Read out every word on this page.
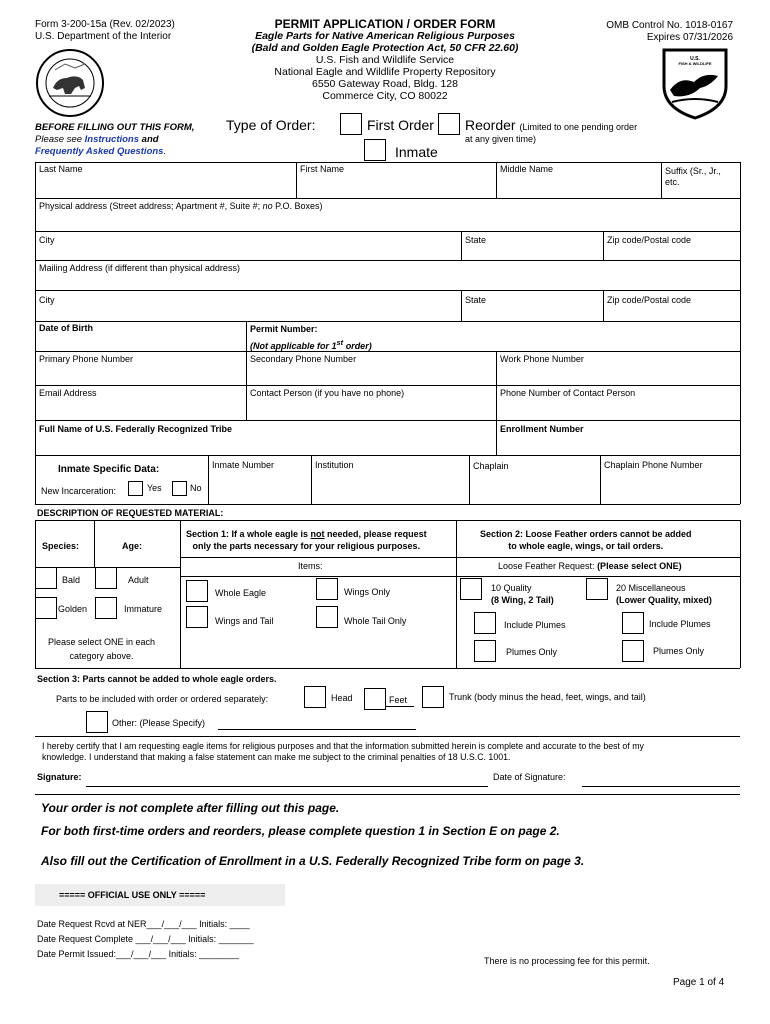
Form 3-200-15a (Rev. 02/2023)
U.S. Department of the Interior
PERMIT APPLICATION / ORDER FORM
Eagle Parts for Native American Religious Purposes
(Bald and Golden Eagle Protection Act, 50 CFR 22.60)
U.S. Fish and Wildlife Service
National Eagle and Wildlife Property Repository
6550 Gateway Road, Bldg. 128
Commerce City, CO 80022
OMB Control No. 1018-0167
Expires 07/31/2026
U.S.
FISH & WILDLIFE
BEFORE FILLING OUT THIS FORM,
Please see Instructions and
Frequently Asked Questions.
Type of Order:	First Order Reorder (Limited to one pending order
at any given time)
Inmate
Last Name	First Name	Middle Name	Suffix (Sr., Jr.,
etc.
Physical address (Street address; Apartment #, Suite #; no P.O. Boxes)
City	State	Zip code/Postal code
Mailing Address (if different than physical address)
City	State	Zip code/Postal code
Date of Birth	Permit Number:
(Not applicable for 1st order)
Primary Phone Number	Secondary Phone Number	Work Phone Number
Email Address	Contact Person (if you have no phone)	Phone Number of Contact Person
Full Name of U.S. Federally Recognized Tribe	Enrollment Number
Inmate Specific Data:
New Incarceration:	Yes	No
Inmate Number	Institution	Chaplain	Chaplain Phone Number
DESCRIPTION OF REQUESTED MATERIAL:
Species:	Age:
Bald	Adult
Golden	Immature
Please select ONE in each
category above.
Section 1: If a whole eagle is not needed, please request
only the parts necessary for your religious purposes.
Items:
Whole Eagle	Wings Only
Wings and Tail	Whole Tail Only
Section 2: Loose Feather orders cannot be added
to whole eagle, wings, or tail orders.
Loose Feather Request: (Please select ONE)
10 Quality
(8 Wing, 2 Tail)
20 Miscellaneous
(Lower Quality, mixed)
Include Plumes	Include Plumes
Plumes Only	Plumes Only
Section 3: Parts cannot be added to whole eagle orders.
Parts to be included with order or ordered separately:	Head	Feet	Trunk (body minus the head, feet, wings, and tail)
Other: (Please Specify)
I hereby certify that I am requesting eagle items for religious purposes and that the information submitted herein is complete and accurate to the best of my
knowledge. I understand that making a false statement can make me subject to the criminal penalties of 18 U.S.C. 1001.
Signature:	Date of Signature:
Your order is not complete after filling out this page.
For both first-time orders and reorders, please complete question 1 in Section E on page 2.
Also fill out the Certification of Enrollment in a U.S. Federally Recognized Tribe form on page 3.
===== OFFICIAL USE ONLY =====
Date Request Rcvd at NER___/___/___ Initials: ____
Date Request Complete ___/___/___ Initials: _______
Date Permit Issued:___/___/___ Initials: ________
There is no processing fee for this permit.
Page 1 of 4
